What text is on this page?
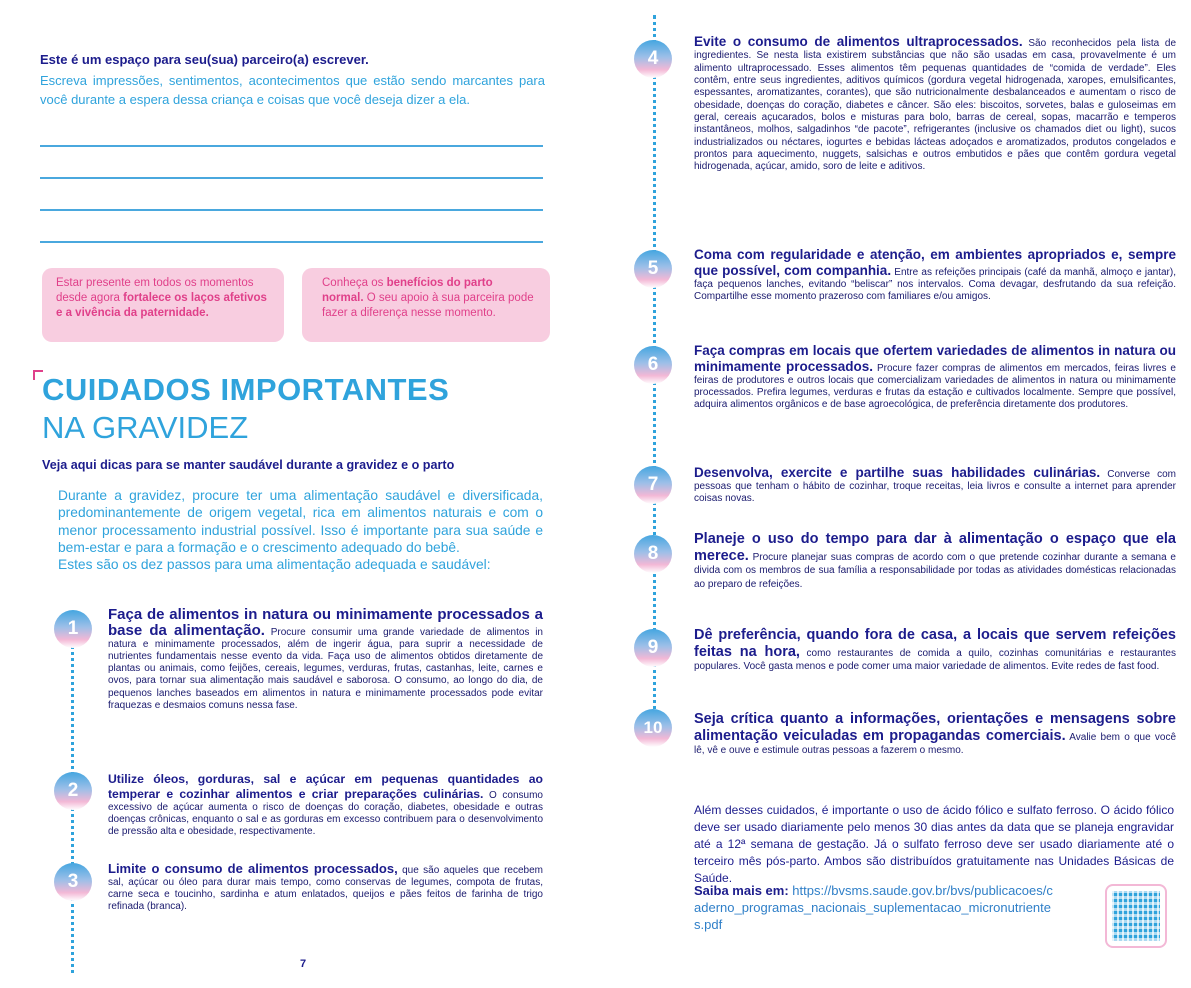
Este é um espaço para seu(sua) parceiro(a) escrever.
Escreva impressões, sentimentos, acontecimentos que estão sendo marcantes para você durante a espera dessa criança e coisas que você deseja dizer a ela.
Estar presente em todos os momentos desde agora fortalece os laços afetivos e a vivência da paternidade.
Conheça os benefícios do parto normal. O seu apoio à sua parceira pode fazer a diferença nesse momento.
CUIDADOS IMPORTANTES
NA GRAVIDEZ
Veja aqui dicas para se manter saudável durante a gravidez e o parto

Durante a gravidez, procure ter uma alimentação saudável e diversificada, predominantemente de origem vegetal, rica em alimentos naturais e com o menor processamento industrial possível. Isso é importante para sua saúde e bem-estar e para a formação e o crescimento adequado do bebê.

Estes são os dez passos para uma alimentação adequada e saudável:

1
Faça de alimentos in natura ou minimamente processados a base da alimentação. Procure consumir uma grande variedade de alimentos in natura e minimamente processados, além de ingerir água, para suprir a necessidade de nutrientes fundamentais nesse evento da vida. Faça uso de alimentos obtidos diretamente de plantas ou animais, como feijões, cereais, legumes, verduras, frutas, castanhas, leite, carnes e ovos, para tornar sua alimentação mais saudável e saborosa. O consumo, ao longo do dia, de pequenos lanches baseados em alimentos in natura e minimamente processados pode evitar fraquezas e desmaios comuns nessa fase.
2
Utilize óleos, gorduras, sal e açúcar em pequenas quantidades ao temperar e cozinhar alimentos e criar preparações culinárias. O consumo excessivo de açúcar aumenta o risco de doenças do coração, diabetes, obesidade e outras doenças crônicas, enquanto o sal e as gorduras em excesso contribuem para o desenvolvimento de pressão alta e obesidade, respectivamente.
3
Limite o consumo de alimentos processados, que são aqueles que recebem sal, açúcar ou óleo para durar mais tempo, como conservas de legumes, compota de frutas, carne seca e toucinho, sardinha e atum enlatados, queijos e pães feitos de farinha de trigo refinada (branca).
7
4
Evite o consumo de alimentos ultraprocessados. São reconhecidos pela lista de ingredientes. Se nesta lista existirem substâncias que não são usadas em casa, provavelmente é um alimento ultraprocessado. Esses alimentos têm pequenas quantidades de “comida de verdade”. Eles contêm, entre seus ingredientes, aditivos químicos (gordura vegetal hidrogenada, xaropes, emulsificantes, espessantes, aromatizantes, corantes), que são nutricionalmente desbalanceados e aumentam o risco de obesidade, doenças do coração, diabetes e câncer. São eles: biscoitos, sorvetes, balas e guloseimas em geral, cereais açucarados, bolos e misturas para bolo, barras de cereal, sopas, macarrão e temperos instantâneos, molhos, salgadinhos “de pacote”, refrigerantes (inclusive os chamados diet ou light), sucos industrializados ou néctares, iogurtes e bebidas lácteas adoçados e aromatizados, produtos congelados e prontos para aquecimento, nuggets, salsichas e outros embutidos e pães que contêm gordura vegetal hidrogenada, açúcar, amido, soro de leite e aditivos.
5
Coma com regularidade e atenção, em ambientes apropriados e, sempre que possível, com companhia. Entre as refeições principais (café da manhã, almoço e jantar), faça pequenos lanches, evitando “beliscar” nos intervalos. Coma devagar, desfrutando da sua refeição. Compartilhe esse momento prazeroso com familiares e/ou amigos.
6
Faça compras em locais que ofertem variedades de alimentos in natura ou minimamente processados. Procure fazer compras de alimentos em mercados, feiras livres e feiras de produtores e outros locais que comercializam variedades de alimentos in natura ou minimamente processados. Prefira legumes, verduras e frutas da estação e cultivados localmente. Sempre que possível, adquira alimentos orgânicos e de base agroecológica, de preferência diretamente dos produtores.
7
Desenvolva, exercite e partilhe suas habilidades culinárias. Converse com pessoas que tenham o hábito de cozinhar, troque receitas, leia livros e consulte a internet para aprender coisas novas.
8
Planeje o uso do tempo para dar à alimentação o espaço que ela merece. Procure planejar suas compras de acordo com o que pretende cozinhar durante a semana e divida com os membros de sua família a responsabilidade por todas as atividades domésticas relacionadas ao preparo de refeições.
9
Dê preferência, quando fora de casa, a locais que servem refeições feitas na hora, como restaurantes de comida a quilo, cozinhas comunitárias e restaurantes populares. Você gasta menos e pode comer uma maior variedade de alimentos. Evite redes de fast food.
10	Seja crítica quanto a informações, orientações e mensagens sobre alimentação veiculadas em propagandas comerciais. Avalie bem o que você lê, vê e ouve e estimule outras pessoas a fazerem o mesmo.
Além desses cuidados, é importante o uso de ácido fólico e sulfato ferroso. O ácido fólico deve ser usado diariamente pelo menos 30 dias antes da data que se planeja engravidar até a 12ª semana de gestação. Já o sulfato ferroso deve ser usado diariamente até o terceiro mês pós-parto. Ambos são distribuídos gratuitamente nas Unidades Básicas de Saúde.
Saiba mais em: https://bvsms.saude.gov.br/bvs/publicacoes/caderno_programas_nacionais_suplementacao_micronutrientes.pdf
